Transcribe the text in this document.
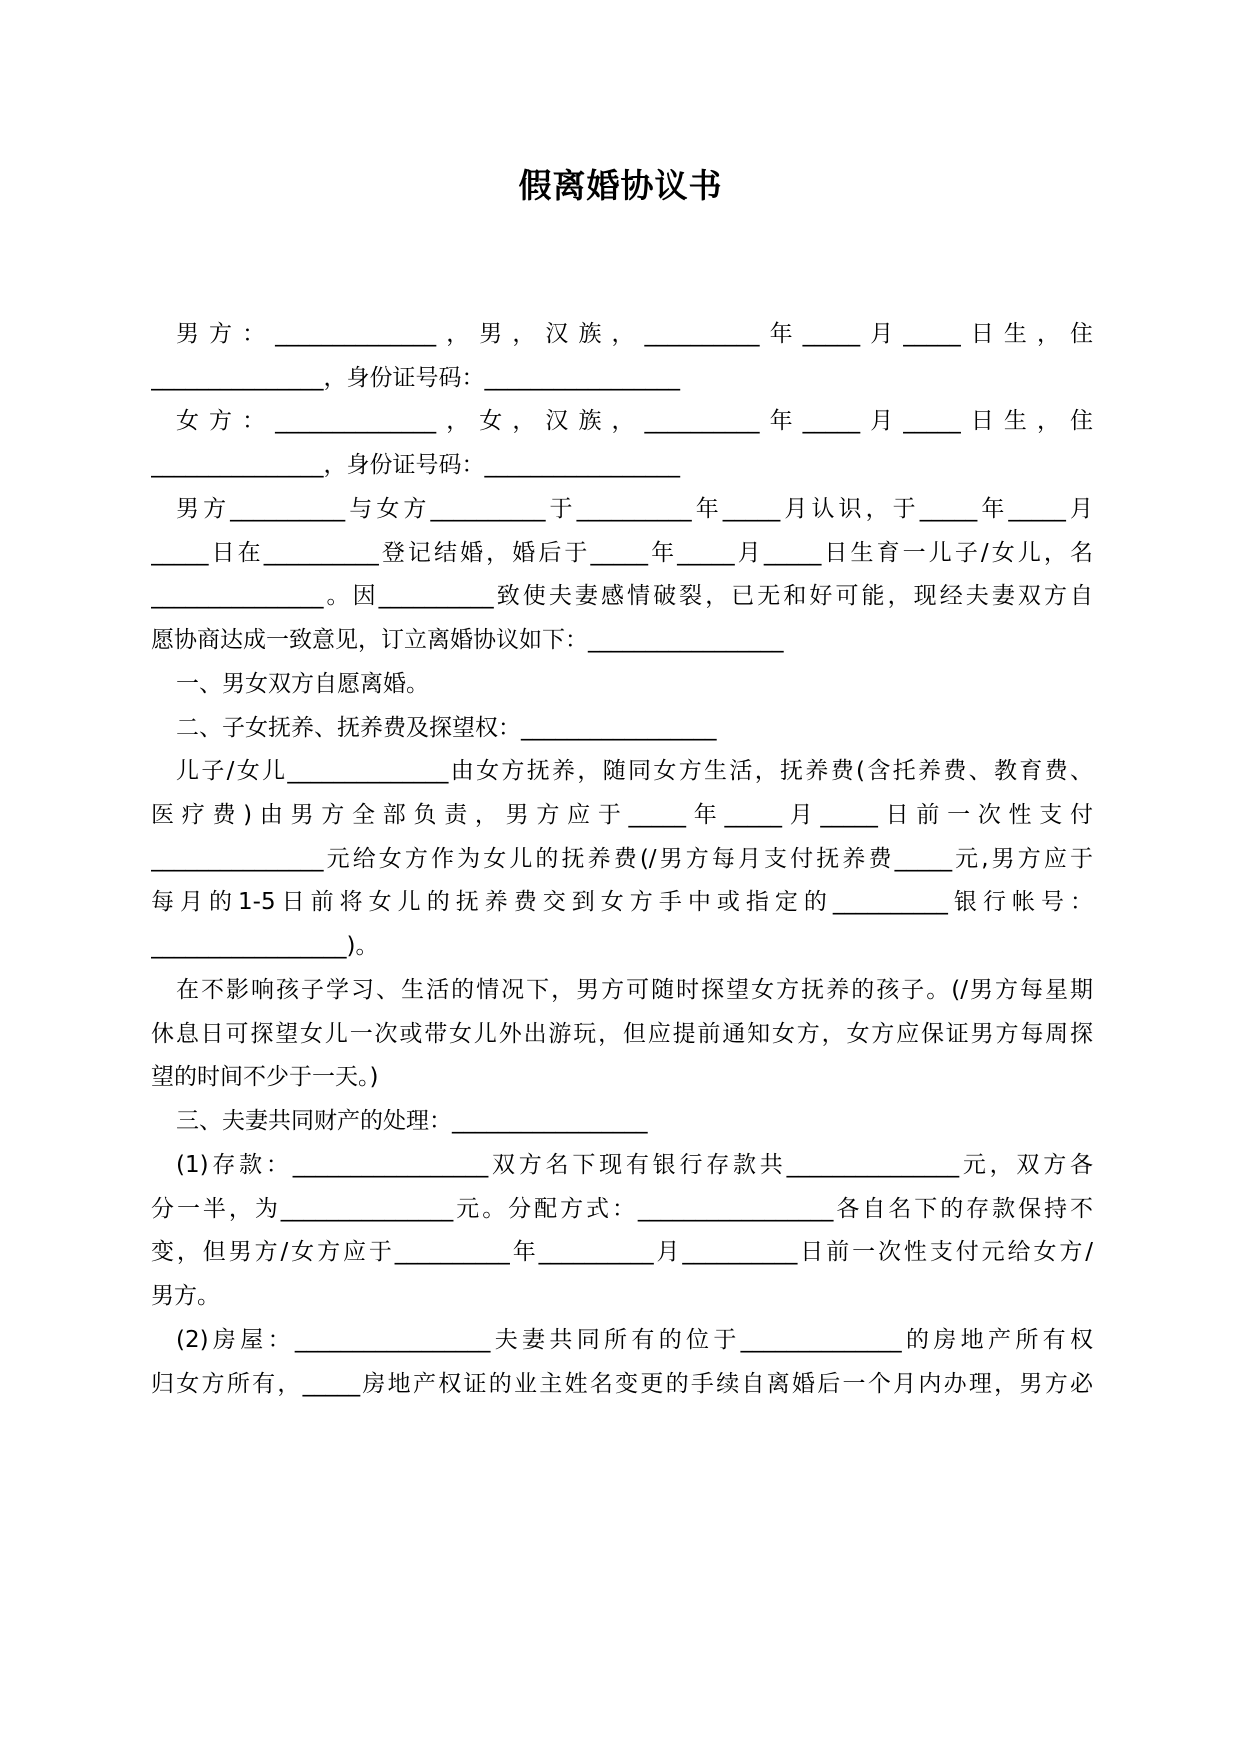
假离婚协议书
男方：______________，男，汉族，__________年_____月_____日生，住
_______________，身份证号码：_________________
女方：______________，女，汉族，__________年_____月_____日生，住
_______________，身份证号码：_________________
男方__________与女方__________于__________年_____月认识，于_____年_____月
_____日在__________登记结婚，婚后于_____年_____月_____日生育一儿子/女儿，名
_______________。因__________致使夫妻感情破裂，已无和好可能，现经夫妻双方自
愿协商达成一致意见，订立离婚协议如下：_________________
一、男女双方自愿离婚。
二、子女抚养、抚养费及探望权：_________________
儿子/女儿______________由女方抚养，随同女方生活，抚养费(含托养费、教育费、
医疗费)由男方全部负责，男方应于_____年_____月_____日前一次性支付
_______________元给女方作为女儿的抚养费(/男方每月支付抚养费_____元,男方应于
每月的1-5日前将女儿的抚养费交到女方手中或指定的__________银行帐号：
_________________)。
在不影响孩子学习、生活的情况下，男方可随时探望女方抚养的孩子。(/男方每星期
休息日可探望女儿一次或带女儿外出游玩，但应提前通知女方，女方应保证男方每周探
望的时间不少于一天。)
三、夫妻共同财产的处理：_________________
(1)存款：_________________双方名下现有银行存款共_______________元，双方各
分一半，为_______________元。分配方式：_________________各自名下的存款保持不
变，但男方/女方应于__________年__________月__________日前一次性支付元给女方/
男方。
(2)房屋：_________________夫妻共同所有的位于______________的房地产所有权
归女方所有，_____房地产权证的业主姓名变更的手续自离婚后一个月内办理，男方必
